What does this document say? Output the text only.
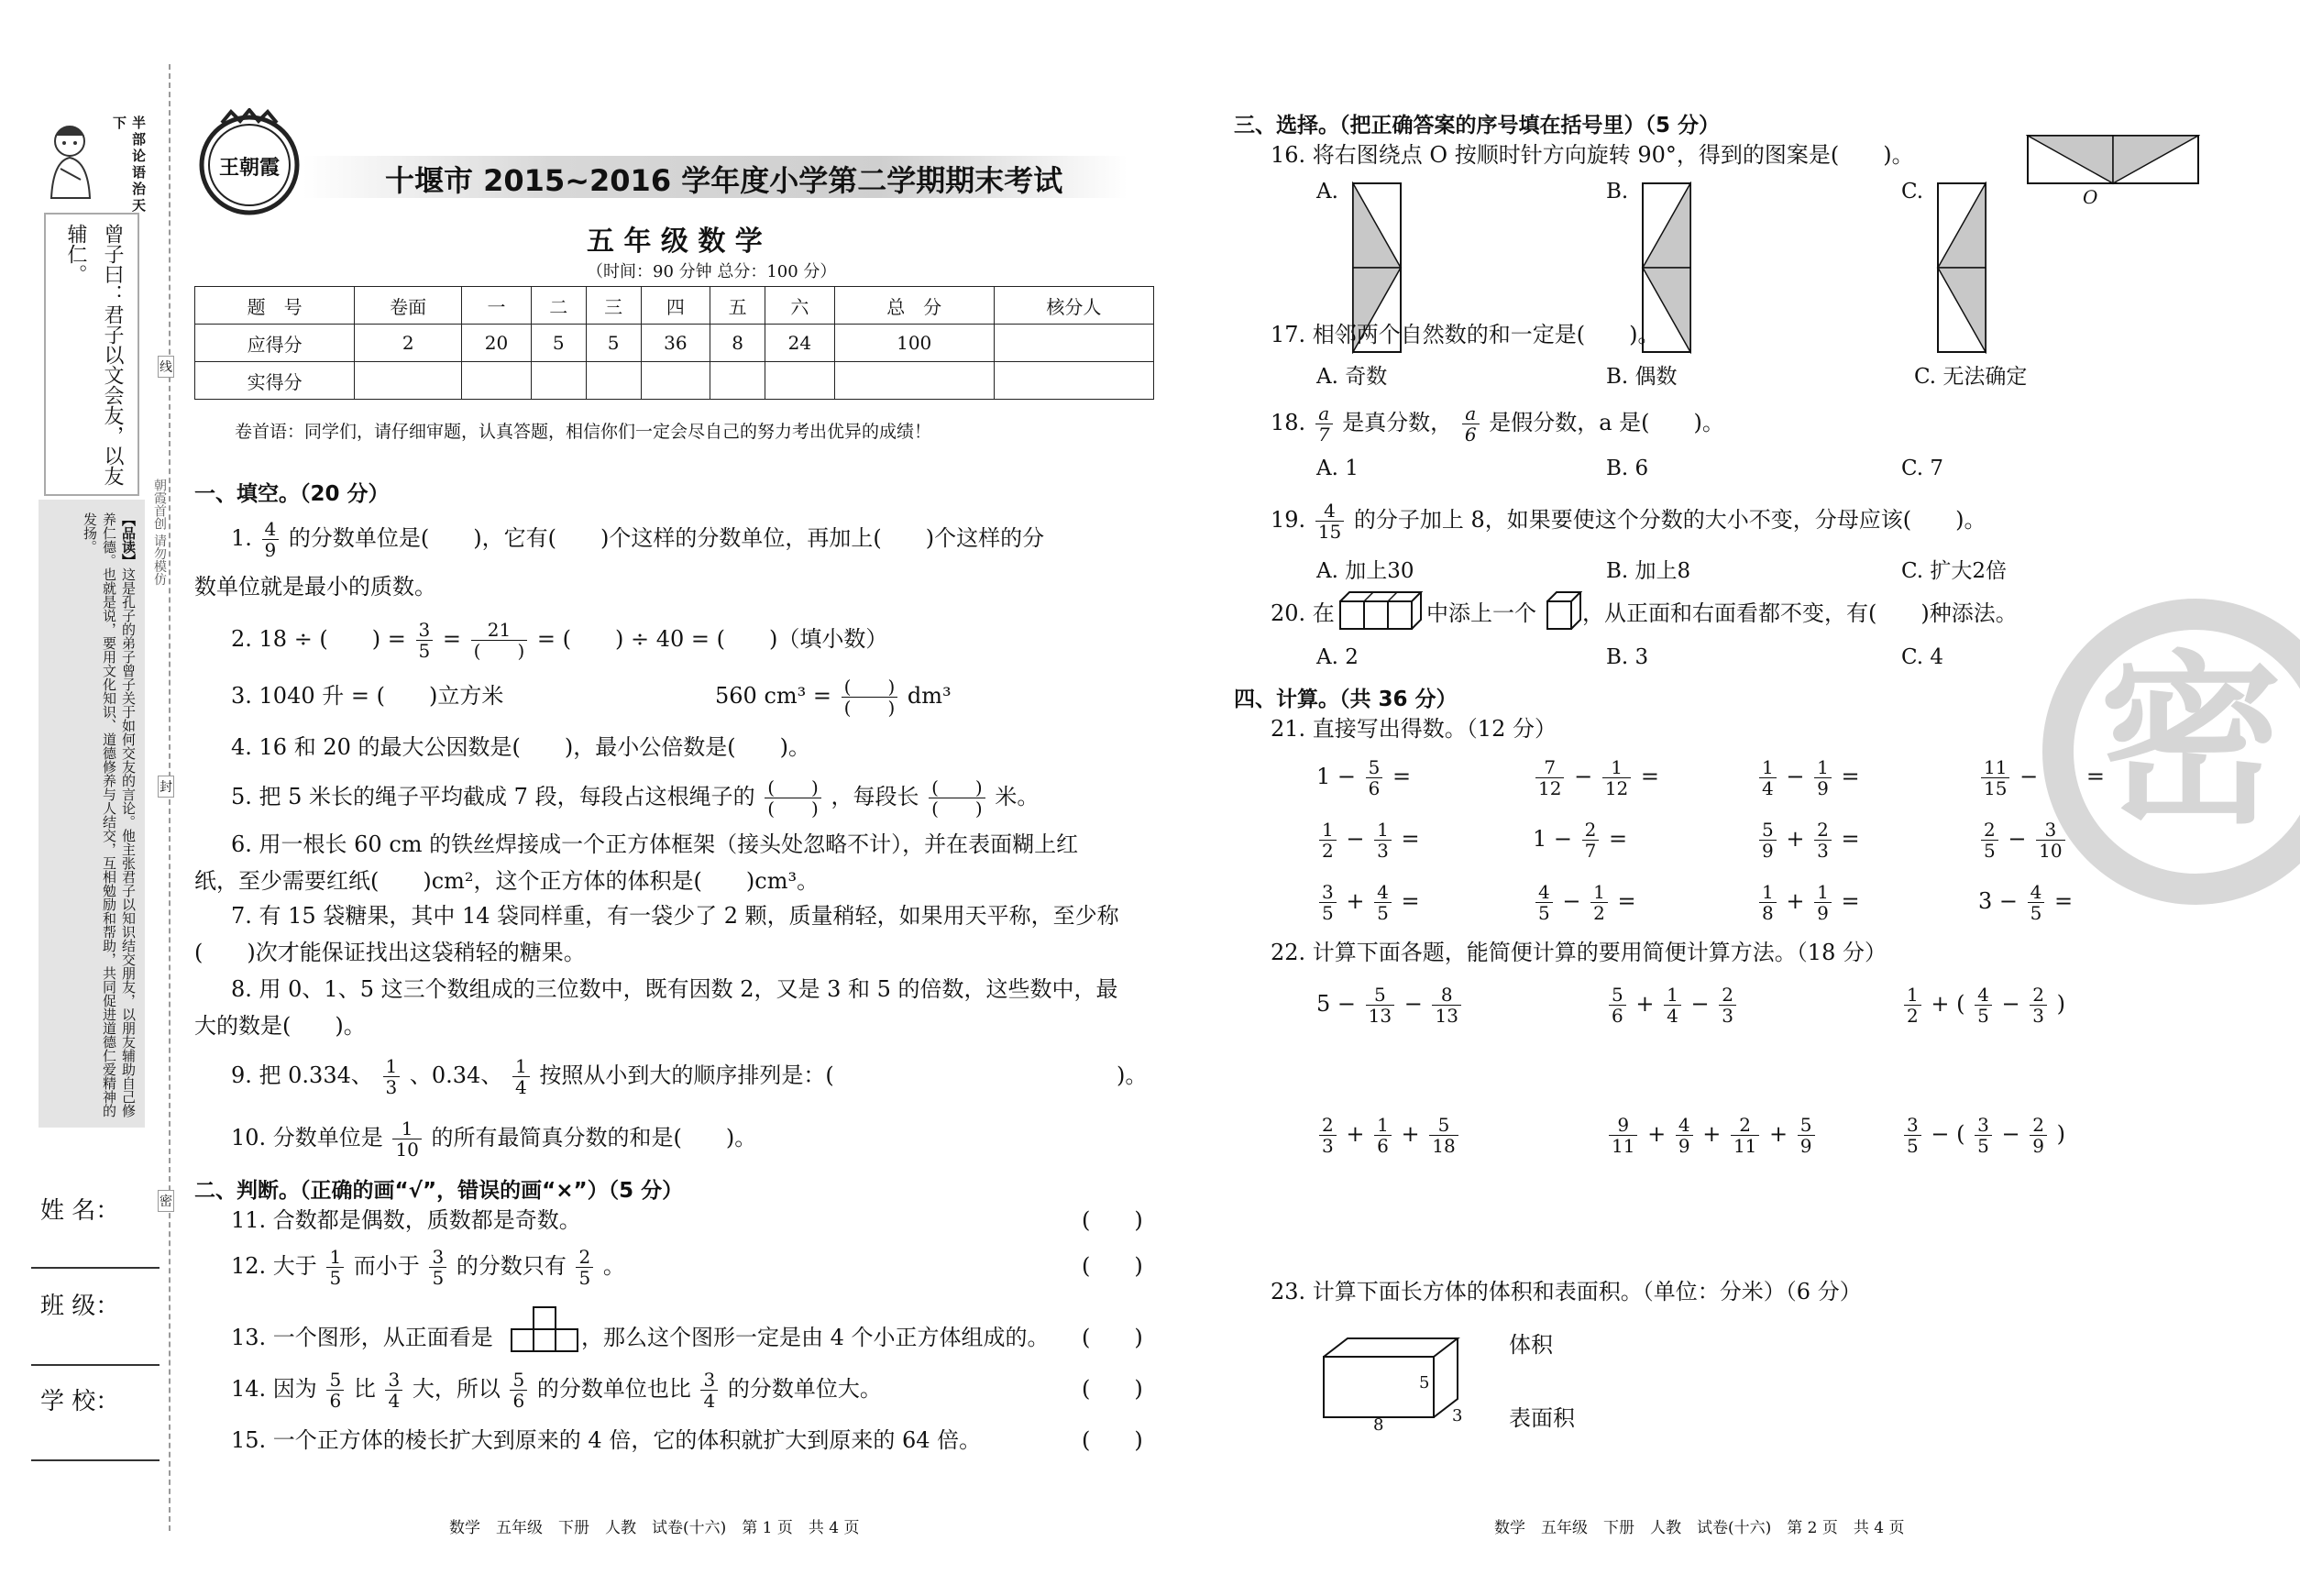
半部论语治天下
曾子曰：君子以文会友，以友辅仁。
【品读】这是孔子的弟子曾子关于如何交友的言论。他主张君子以知识结交朋友，以朋友辅助自己修养仁德。也就是说，要用文化知识、道德修养与人结交，互相勉励和帮助，共同促进道德仁爱精神的发扬。
姓 名：
班 级：
学 校：
朝霞首创 请勿模仿
线
封
密
王朝霞	十堰市 2015~2016 学年度小学第二学期期末考试
五 年 级 数 学
（时间：90 分钟 总分：100 分）
题　号	卷面	一	二	三	四	五	六	总　分	核分人
应得分	2	20	5	5	36	8	24	100	
实得分									
卷首语：同学们，请仔细审题，认真答题，相信你们一定会尽自己的努力考出优异的成绩！
一、填空。（20 分）
1. $\frac{4}{9}$ 的分数单位是(　　)，它有(　　)个这样的分数单位，再加上(　　)个这样的分
数单位就是最小的质数。
2. 18 ÷ (　　) = $\frac{3}{5} = \frac{21}{( )}$ = (　　) ÷ 40 = (　　)（填小数）
3. 1040 升 = (　　)立方米	560 $cm^3 = \frac{( )}{( )} dm^3$
4. 16 和 20 的最大公因数是(　　)，最小公倍数是(　　)。
5. 把 5 米长的绳子平均截成 7 段，每段占这根绳子的 $\frac{( )}{( )}$ ，每段长 $\frac{( )}{( )}$ 米。
6. 用一根长 60 cm 的铁丝焊接成一个正方体框架（接头处忽略不计），并在表面糊上红
纸，至少需要红纸(　　)cm²，这个正方体的体积是(　　)cm³。
7. 有 15 袋糖果，其中 14 袋同样重，有一袋少了 2 颗，质量稍轻，如果用天平称，至少称
(　　)次才能保证找出这袋稍轻的糖果。
8. 用 0、1、5 这三个数组成的三位数中，既有因数 2，又是 3 和 5 的倍数，这些数中，最
大的数是(　　)。
9. 把 0.334、 $\frac{1}{3}$ 、0.34、 $\frac{1}{4}$ 按照从小到大的顺序排列是：(	)。
10. 分数单位是 $\frac{1}{10}$ 的所有最简真分数的和是(　　)。
二、判断。（正确的画“√”，错误的画“×”）（5 分）
11. 合数都是偶数，质数都是奇数。	(　　)
12. 大于 $\frac{1}{5}$ 而小于 $\frac{3}{5}$ 的分数只有 $\frac{2}{5}$ 。	(　　)
13. 一个图形，从正面看是	，那么这个图形一定是由 4 个小正方体组成的。 (　　)
14. 因为 $\frac{5}{6}$ 比 $\frac{3}{4}$ 大，所以 $\frac{5}{6}$ 的分数单位也比 $\frac{3}{4}$ 的分数单位大。	(　　)
15. 一个正方体的棱长扩大到原来的 4 倍，它的体积就扩大到原来的 64 倍。	(　　)
数学　五年级　下册　人教　试卷(十六)　第 1 页　共 4 页
三、选择。（把正确答案的序号填在括号里）（5 分）
16. 将右图绕点 O 按顺时针方向旋转 90°，得到的图案是(　　)。
O
A.	B.	C.
17. 相邻两个自然数的和一定是(　　)。
A. 奇数	B. 偶数	C. 无法确定
18. $\frac{a}{7}$ 是真分数， $\frac{a}{6}$ 是假分数，a 是(　　)。
A. 1	B. 6	C. 7
19. $\frac{4}{15}$ 的分子加上 8，如果要使这个分数的大小不变，分母应该(　　)。
A. 加上30	B. 加上8	C. 扩大2倍
20. 在	中添上一个 ，从正面和右面看都不变，有(　　)种添法。
A. 2	B. 3	C. 4
四、计算。（共 36 分）
21. 直接写出得数。（12 分）
$1 - \frac{5}{6}$ =	$\frac{7}{12} - \frac{1}{12}$ =	$\frac{1}{4} - \frac{1}{9}$ =	$\frac{11}{15} - \frac{8}{15}$ =
$\frac{1}{2} - \frac{1}{3}$ =	$1 - \frac{2}{7}$ =	$\frac{5}{9} + \frac{2}{3}$ =	$\frac{2}{5} - \frac{3}{10}$ =
$\frac{3}{5} + \frac{4}{5}$ =	$\frac{4}{5} - \frac{1}{2}$ =	$\frac{1}{8} + \frac{1}{9}$ =	$3 - \frac{4}{5}$ =
22. 计算下面各题，能简便计算的要用简便计算方法。（18 分）
$5 - \frac{5}{13} - \frac{8}{13}$	$\frac{5}{6} + \frac{1}{4} - \frac{2}{3}$	$\frac{1}{2}$ + ( $\frac{4}{5} - \frac{2}{3}$ )
$\frac{2}{3} + \frac{1}{6} + \frac{5}{18}$	$\frac{9}{11} + \frac{4}{9} + \frac{2}{11} + \frac{5}{9}$	$\frac{3}{5}$ − ( $\frac{3}{5} - \frac{2}{9}$ )
23. 计算下面长方体的体积和表面积。（单位：分米）（6 分）
8	3
5
体积
表面积
密
数学　五年级　下册　人教　试卷(十六)　第 2 页　共 4 页
